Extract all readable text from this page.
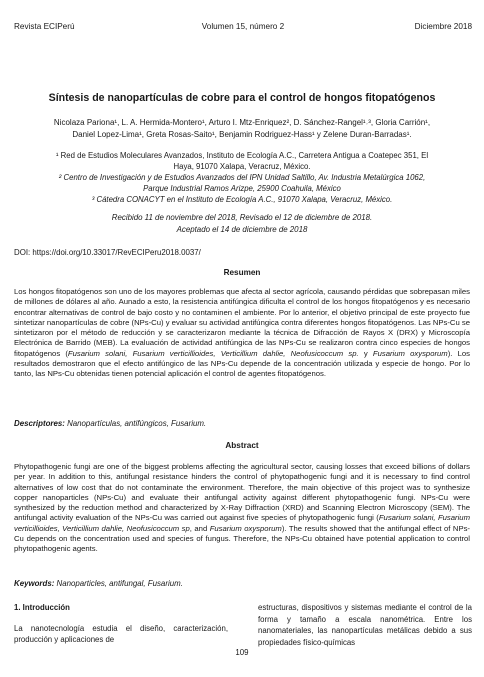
Revista ECIPerú	Volumen 15, número 2	Diciembre 2018
Síntesis de nanopartículas de cobre para el control de hongos fitopatógenos
Nicolaza Pariona¹, L. A. Hermida-Montero¹, Arturo I. Mtz-Enriquez², D. Sánchez-Rangel¹˒³, Gloria Carrión¹,
Daniel Lopez-Lima¹, Greta Rosas-Saito¹, Benjamin Rodriguez-Hass¹ y Zelene Duran-Barradas¹.
¹ Red de Estudios Moleculares Avanzados, Instituto de Ecología A.C., Carretera Antigua a Coatepec 351, El
Haya, 91070 Xalapa, Veracruz, México.
² Centro de Investigación y de Estudios Avanzados del IPN Unidad Saltillo, Av. Industria Metalúrgica 1062,
Parque Industrial Ramos Arizpe, 25900 Coahuila, México
³ Cátedra CONACYT en el Instituto de Ecología A.C., 91070 Xalapa, Veracruz, México.
Recibido 11 de noviembre del 2018, Revisado el 12 de diciembre de 2018.
Aceptado el 14 de diciembre de 2018
DOI: https://doi.org/10.33017/RevECIPeru2018.0037/
Resumen

Los hongos fitopatógenos son uno de los mayores problemas que afecta al sector agrícola, causando pérdidas que sobrepasan miles de millones de dólares al año. Aunado a esto, la resistencia antifúngica dificulta el control de los hongos fitopatógenos y es necesario encontrar alternativas de control de bajo costo y no contaminen el ambiente. Por lo anterior, el objetivo principal de este proyecto fue sintetizar nanopartículas de cobre (NPs-Cu) y evaluar su actividad antifúngica contra diferentes hongos fitopatógenos. Las NPs-Cu se sintetizaron por el método de reducción y se caracterizaron mediante la técnica de Difracción de Rayos X (DRX) y Microscopía Electrónica de Barrido (MEB). La evaluación de actividad antifúngica de las NPs-Cu se realizaron contra cinco especies de hongos fitopatógenos (Fusarium solani, Fusarium verticillioides, Verticillium dahlie, Neofusicoccum sp. y Fusarium oxysporum). Los resultados demostraron que el efecto antifúngico de las NPs-Cu depende de la concentración utilizada y especie de hongo. Por lo tanto, las NPs-Cu obtenidas tienen potencial aplicación el control de agentes fitopatógenos.

Descriptores: Nanopartículas, antifúngicos, Fusarium.
Abstract

Phytopathogenic fungi are one of the biggest problems affecting the agricultural sector, causing losses that exceed billions of dollars per year. In addition to this, antifungal resistance hinders the control of phytopathogenic fungi and it is necessary to find control alternatives of low cost that do not contaminate the environment. Therefore, the main objective of this project was to synthesize copper nanoparticles (NPs-Cu) and evaluate their antifungal activity against different phytopathogenic fungi. NPs-Cu were synthesized by the reduction method and characterized by X-Ray Diffraction (XRD) and Scanning Electron Microscopy (SEM). The antifungal activity evaluation of the NPs-Cu was carried out against five species of phytopathogenic fungi (Fusarium solani, Fusarium verticillioides, Verticillium dahlie, Neofusicoccum sp, and Fusarium oxysporum). The results showed that the antifungal effect of NPs-Cu depends on the concentration used and species of fungus. Therefore, the NPs-Cu obtained have potential application to control phytopathogenic agents.

Keywords: Nanoparticles, antifungal, Fusarium.
1. Introducción

La nanotecnología estudia el diseño, caracterización, producción y aplicaciones de

estructuras, dispositivos y sistemas mediante el control de la forma y tamaño a escala nanométrica. Entre los nanomateriales, las nanopartículas metálicas debido a sus propiedades físico-químicas

109
